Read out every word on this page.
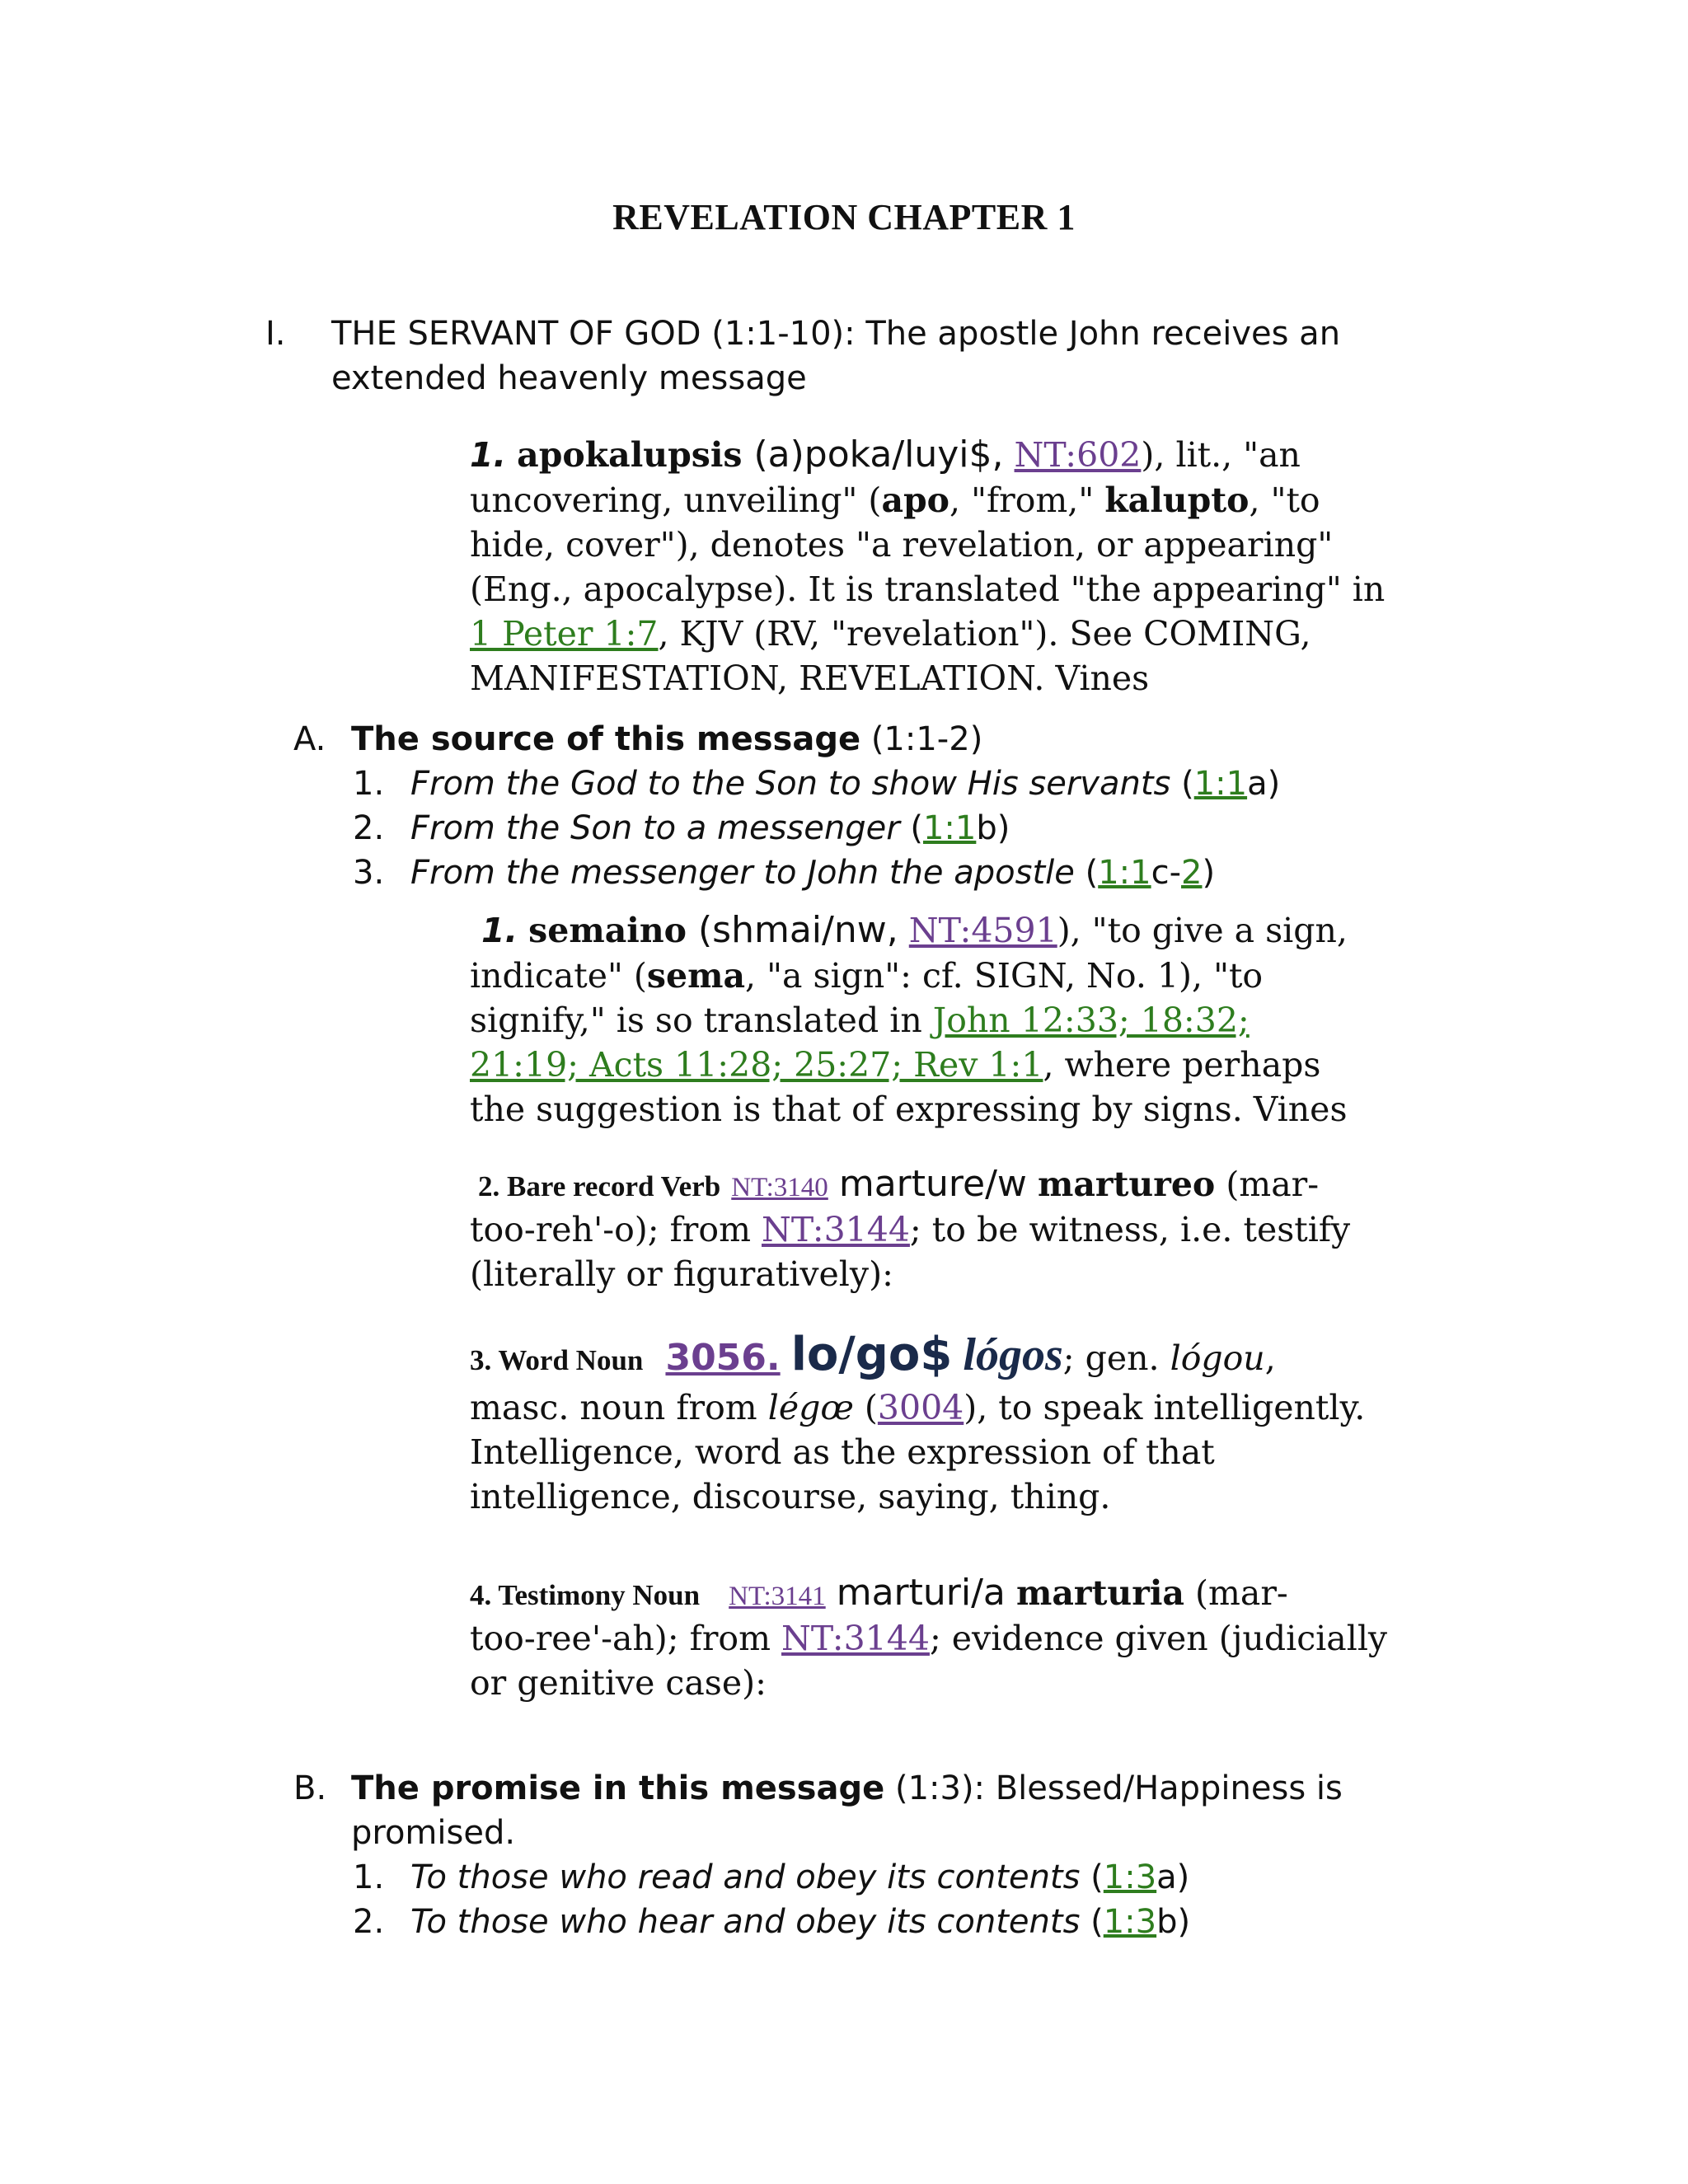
REVELATION CHAPTER 1
I. THE SERVANT OF GOD (1:1-10): The apostle John receives an
extended heavenly message
1. apokalupsis (a)poka/luyi$, NT:602), lit., "an
uncovering, unveiling" (apo, "from," kalupto, "to
hide, cover"), denotes "a revelation, or appearing"
(Eng., apocalypse). It is translated "the appearing" in
1 Peter 1:7, KJV (RV, "revelation"). See COMING,
MANIFESTATION, REVELATION. Vines
A. The source of this message (1:1-2)
1. From the God to the Son to show His servants (1:1a)
2. From the Son to a messenger (1:1b)
3. From the messenger to John the apostle (1:1c-2)
1. semaino (shmai/nw, NT:4591), "to give a sign,
indicate" (sema, "a sign": cf. SIGN, No. 1), "to
signify," is so translated in John 12:33; 18:32;
21:19; Acts 11:28; 25:27; Rev 1:1, where perhaps
the suggestion is that of expressing by signs. Vines
2. Bare record Verb NT:3140 marture/w martureo (mar-
too-reh'-o); from NT:3144; to be witness, i.e. testify
(literally or figuratively):
3. Word Noun 3056. lo/go$ lógos; gen. lógou,
masc. noun from légœ (3004), to speak intelligently.
Intelligence, word as the expression of that
intelligence, discourse, saying, thing.
4. Testimony Noun NT:3141 marturi/a marturia (mar-
too-ree'-ah); from NT:3144; evidence given (judicially
or genitive case):
B. The promise in this message (1:3): Blessed/Happiness is
promised.
1. To those who read and obey its contents (1:3a)
2. To those who hear and obey its contents (1:3b)
